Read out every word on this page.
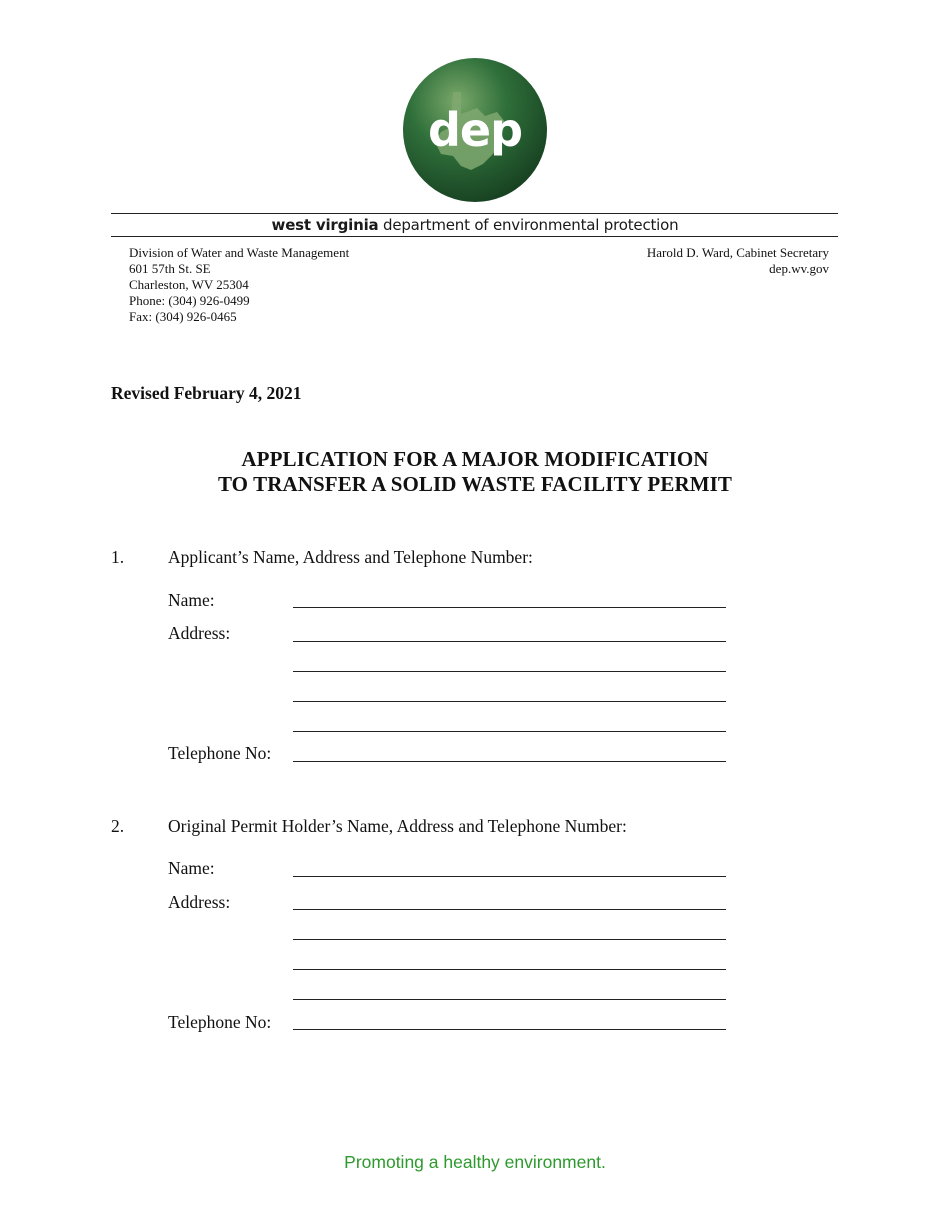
dep
west virginia department of environmental protection
Division of Water and Waste Management
601 57th St. SE
Charleston, WV 25304
Phone: (304) 926-0499
Fax: (304) 926-0465
Harold D. Ward, Cabinet Secretary
dep.wv.gov
Revised February 4, 2021
APPLICATION FOR A MAJOR MODIFICATION
TO TRANSFER A SOLID WASTE FACILITY PERMIT
1.	Applicant’s Name, Address and Telephone Number:
Name:
Address:
Telephone No:
2.	Original Permit Holder’s Name, Address and Telephone Number:
Name:
Address:
Telephone No:
Promoting a healthy environment.
